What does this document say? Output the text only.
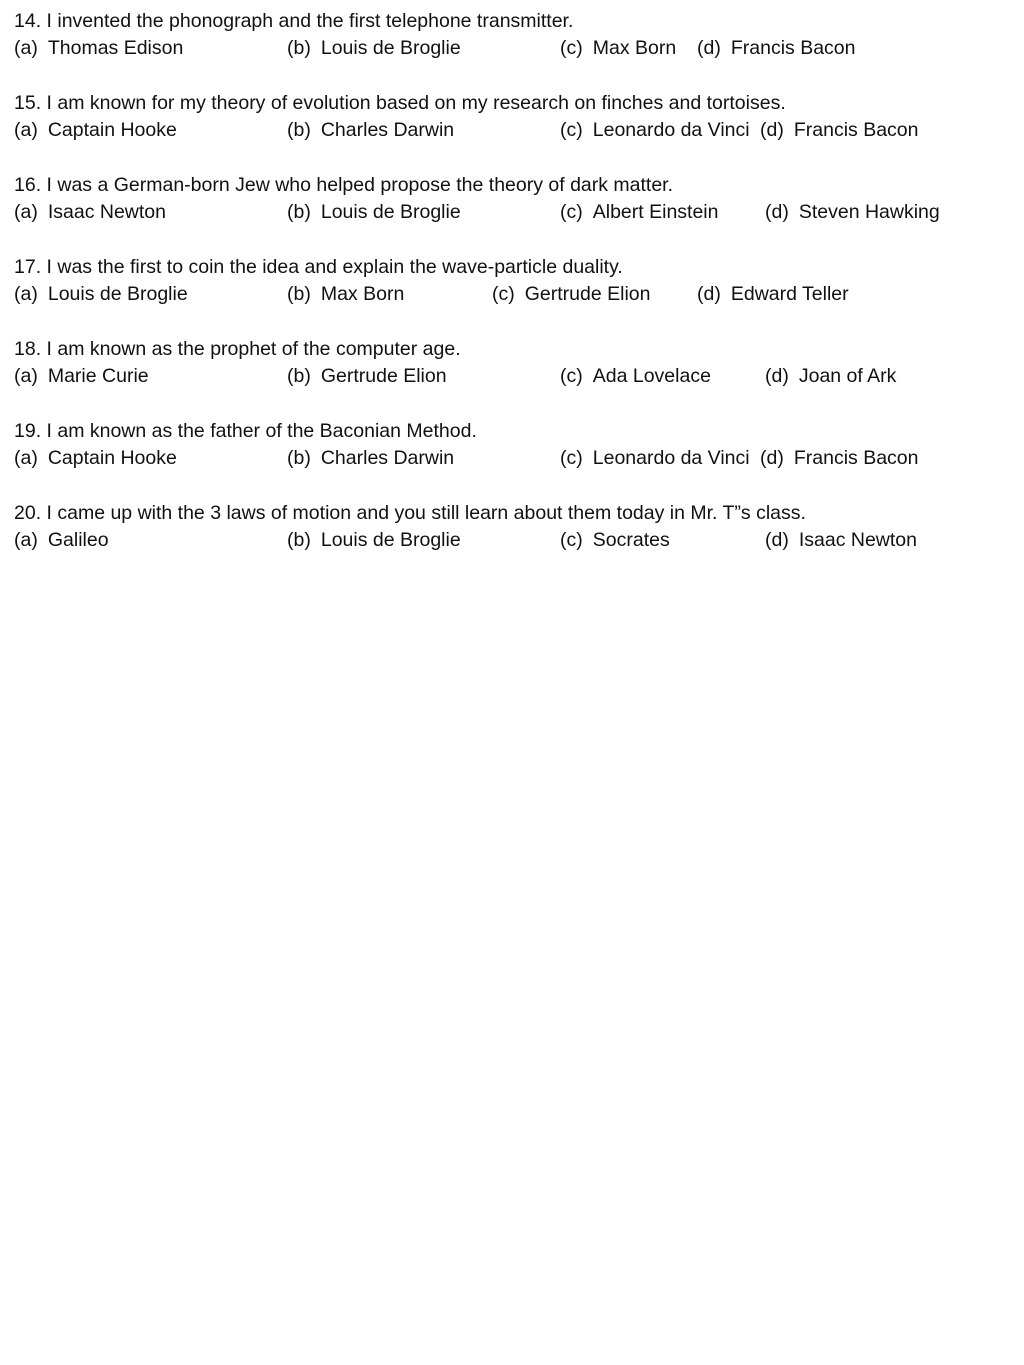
14. I invented the phonograph and the first telephone transmitter.
(a) Thomas Edison	(b) Louis de Broglie	(c) Max Born (d) Francis Bacon
15. I am known for my theory of evolution based on my research on finches and tortoises.
(a) Captain Hooke	(b) Charles Darwin	(c) Leonardo da Vinci (d) Francis Bacon
16. I was a German-born Jew who helped propose the theory of dark matter.
(a) Isaac Newton	(b) Louis de Broglie	(c) Albert Einstein (d) Steven Hawking
17. I was the first to coin the idea and explain the wave-particle duality.
(a) Louis de Broglie	(b) Max Born	(c) Gertrude Elion (d) Edward Teller
18. I am known as the prophet of the computer age.
(a) Marie Curie	(b) Gertrude Elion	(c) Ada Lovelace	(d) Joan of Ark
19. I am known as the father of the Baconian Method.
(a) Captain Hooke	(b) Charles Darwin	(c) Leonardo da Vinci (d) Francis Bacon
20. I came up with the 3 laws of motion and you still learn about them today in Mr. T”s class.
(a) Galileo	(b) Louis de Broglie	(c) Socrates	(d) Isaac Newton
